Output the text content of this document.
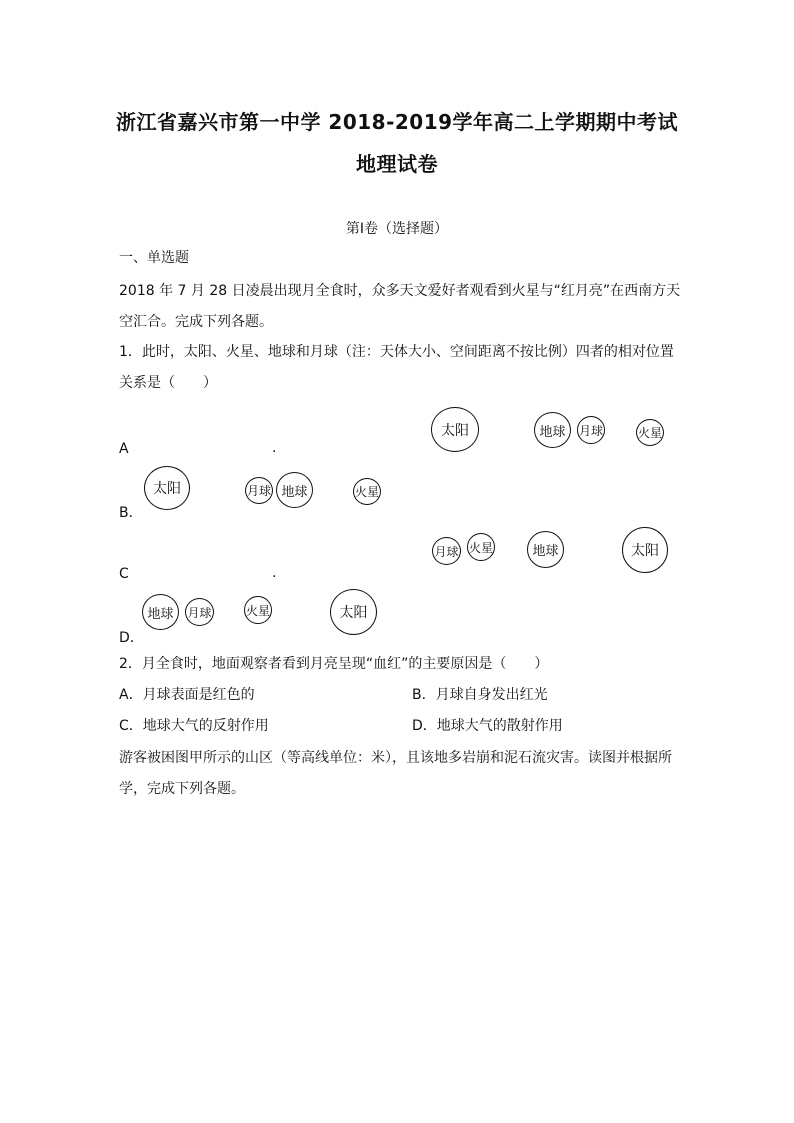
浙江省嘉兴市第一中学 2018-2019学年高二上学期期中考试
地理试卷
第I卷（选择题）
一、单选题
2018 年 7 月 28 日凌晨出现月全食时，众多天文爱好者观看到火星与“红月亮”在西南方天
空汇合。完成下列各题。
1．此时，太阳、火星、地球和月球（注：天体大小、空间距离不按比例）四者的相对位置
关系是（　　）
A	.
太阳	地球 月球	火星
太阳	月球 地球	火星
B．
月球 火星	地球	太阳
C	.
地球 月球	火星	太阳
D．
2．月全食时，地面观察者看到月亮呈现“血红”的主要原因是（　　）
A．月球表面是红色的	B．月球自身发出红光
C．地球大气的反射作用	D．地球大气的散射作用
游客被困图甲所示的山区（等高线单位：米），且该地多岩崩和泥石流灾害。读图并根据所
学，完成下列各题。
